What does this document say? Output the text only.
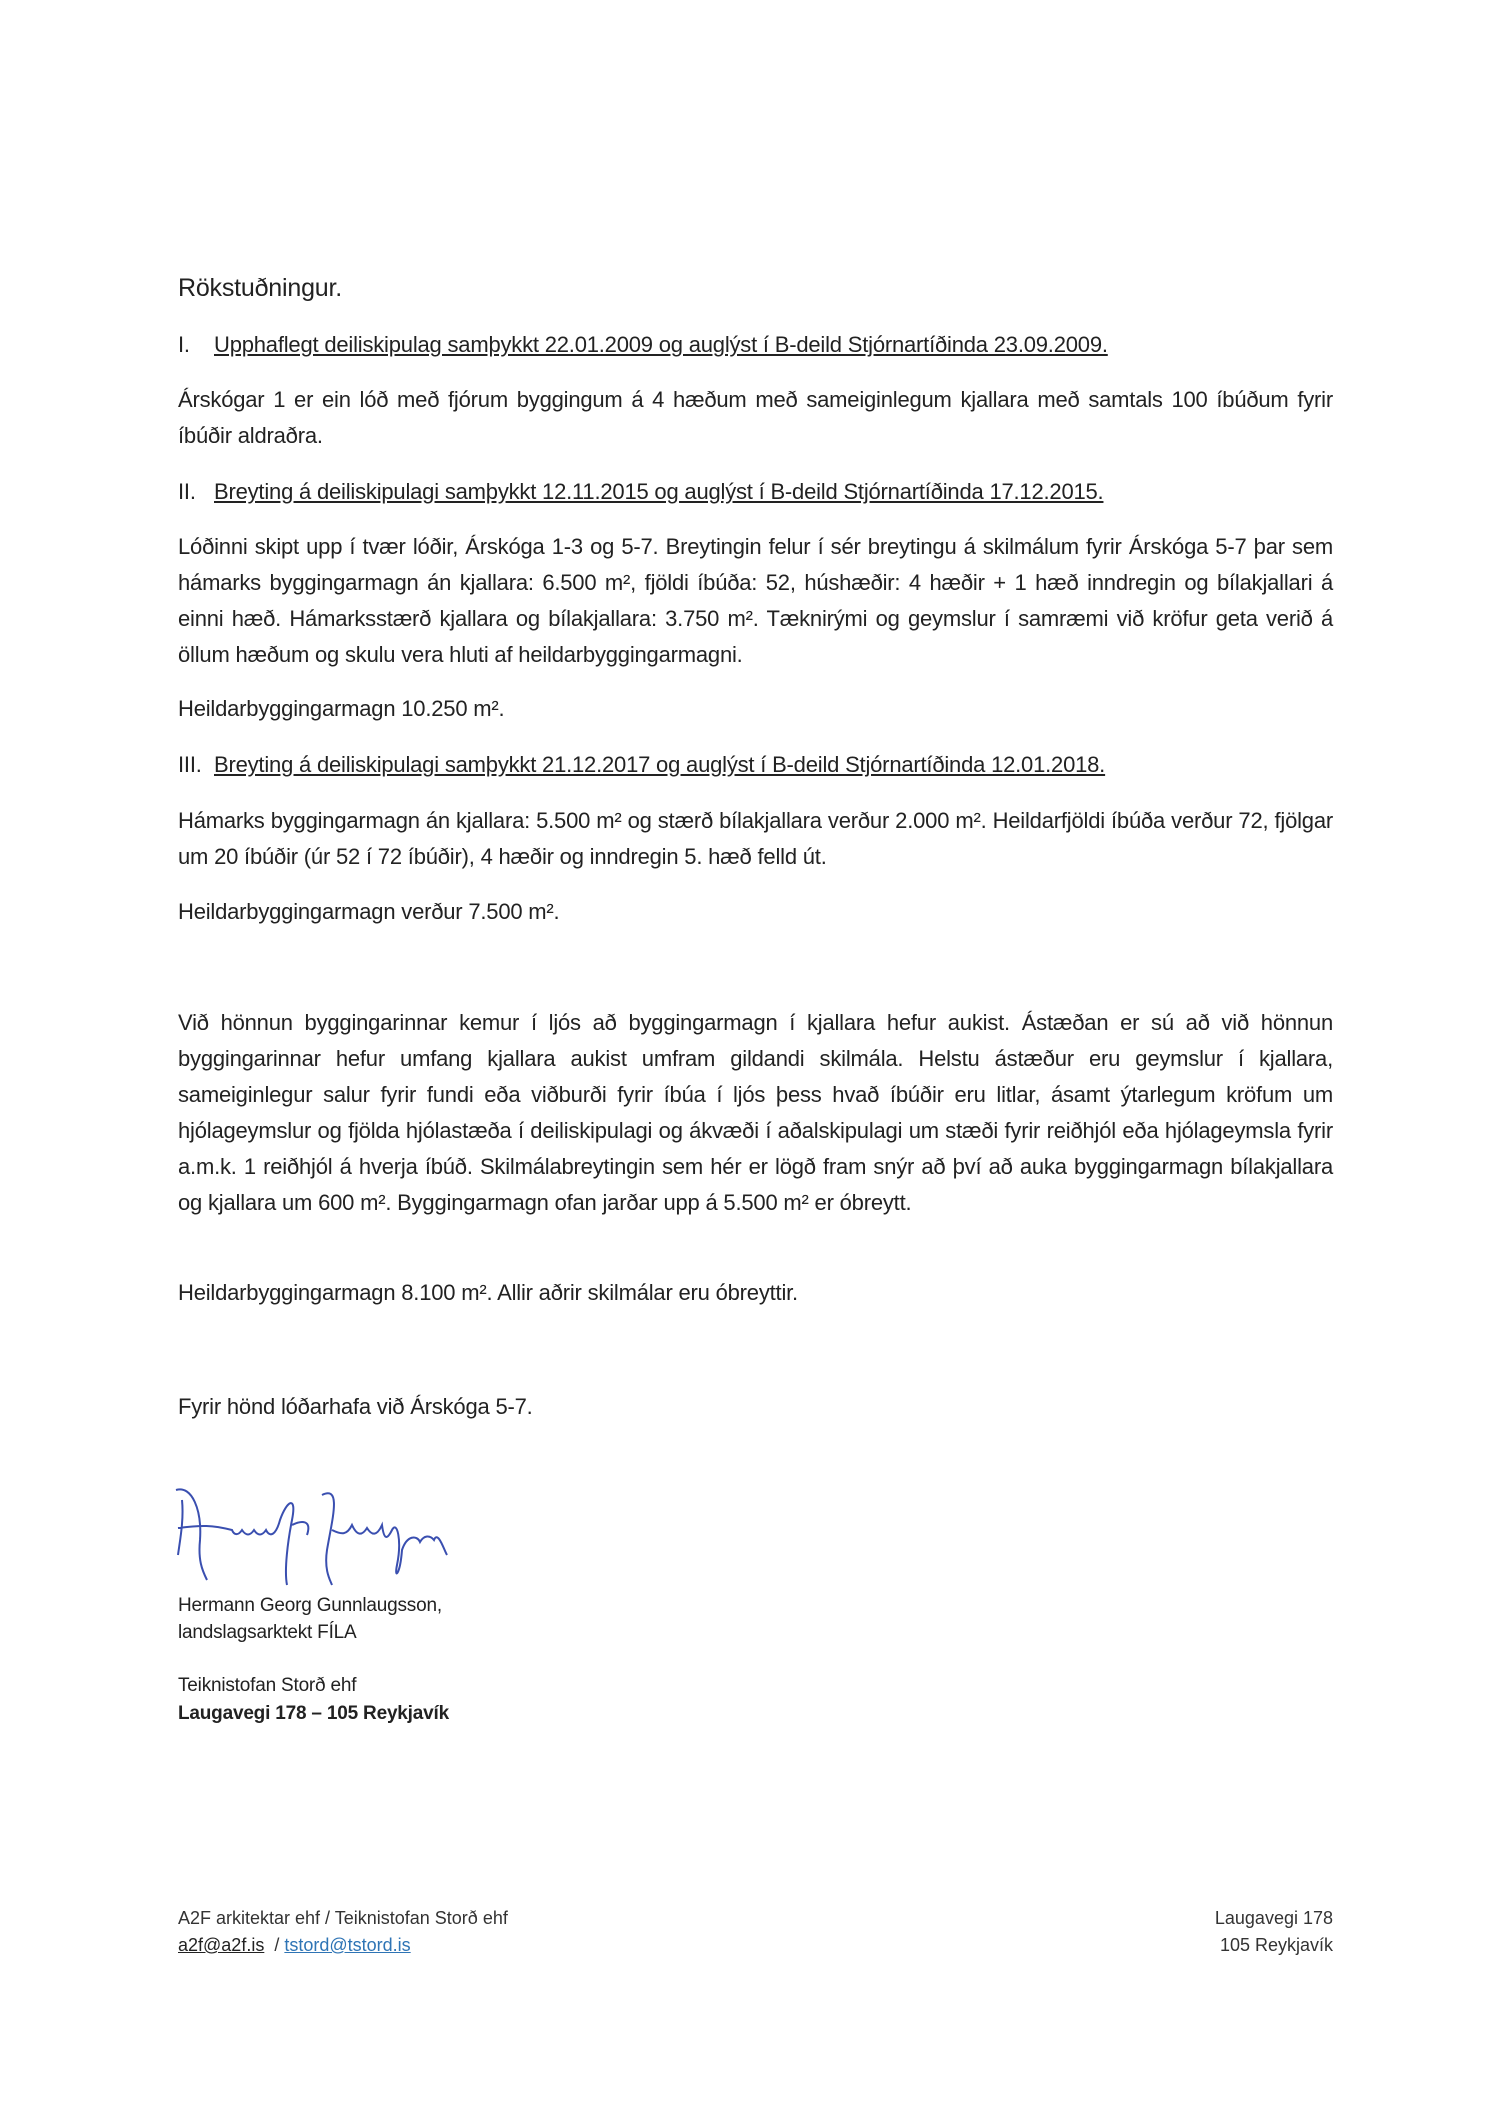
Rökstuðningur.
I. Upphaflegt deiliskipulag samþykkt 22.01.2009 og auglýst í B-deild Stjórnartíðinda 23.09.2009.
Árskógar 1 er ein lóð með fjórum byggingum á 4 hæðum með sameiginlegum kjallara með samtals 100 íbúðum fyrir íbúðir aldraðra.
II. Breyting á deiliskipulagi samþykkt 12.11.2015 og auglýst í B-deild Stjórnartíðinda 17.12.2015.
Lóðinni skipt upp í tvær lóðir, Árskóga 1-3 og 5-7. Breytingin felur í sér breytingu á skilmálum fyrir Árskóga 5-7 þar sem hámarks byggingarmagn án kjallara: 6.500 m², fjöldi íbúða: 52, húshæðir: 4 hæðir + 1 hæð inndregin og bílakjallari á einni hæð. Hámarksstærð kjallara og bílakjallara: 3.750 m². Tæknirými og geymslur í samræmi við kröfur geta verið á öllum hæðum og skulu vera hluti af heildarbyggingarmagni.
Heildarbyggingarmagn 10.250 m².
III. Breyting á deiliskipulagi samþykkt 21.12.2017 og auglýst í B-deild Stjórnartíðinda 12.01.2018.
Hámarks byggingarmagn án kjallara: 5.500 m² og stærð bílakjallara verður 2.000 m². Heildarfjöldi íbúða verður 72, fjölgar um 20 íbúðir (úr 52 í 72 íbúðir), 4 hæðir og inndregin 5. hæð felld út.
Heildarbyggingarmagn verður 7.500 m².
Við hönnun byggingarinnar kemur í ljós að byggingarmagn í kjallara hefur aukist. Ástæðan er sú að við hönnun byggingarinnar hefur umfang kjallara aukist umfram gildandi skilmála. Helstu ástæður eru geymslur í kjallara, sameiginlegur salur fyrir fundi eða viðburði fyrir íbúa í ljós þess hvað íbúðir eru litlar, ásamt ýtarlegum kröfum um hjólageymslur og fjölda hjólastæða í deiliskipulagi og ákvæði í aðalskipulagi um stæði fyrir reiðhjól eða hjólageymsla fyrir a.m.k. 1 reiðhjól á hverja íbúð. Skilmálabreytingin sem hér er lögð fram snýr að því að auka byggingarmagn bílakjallara og kjallara um 600 m². Byggingarmagn ofan jarðar upp á 5.500 m² er óbreytt.
Heildarbyggingarmagn 8.100 m². Allir aðrir skilmálar eru óbreyttir.
Fyrir hönd lóðarhafa við Árskóga 5-7.
Hermann Georg Gunnlaugsson,
landslagsarktekt FÍLA
Teiknistofan Storð ehf
Laugavegi 178 – 105 Reykjavík
A2F arkitektar ehf / Teiknistofan Storð ehf
a2f@a2f.is / tstord@tstord.is
Laugavegi 178
105 Reykjavík
